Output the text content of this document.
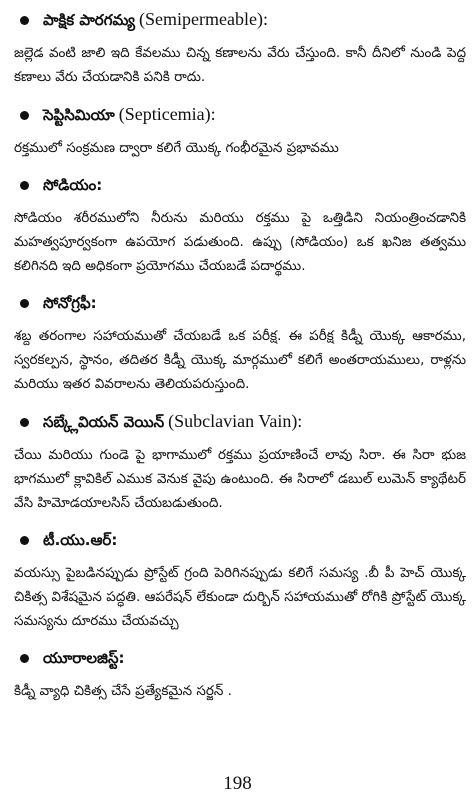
పాక్షిక పారగమ్య (Semipermeable):

జల్లెడ వంటి జాలి ఇది కేవలము చిన్న కణాలను వేరు చేస్తుంది. కానీ దీనిలో నుండి పెద్ద కణాలు వేరు చేయడానికి పనికి రాదు.

సెప్టిసిమియా (Septicemia):

రక్తములో సంక్రమణ ద్వారా కలిగే యొక్క గంభీరమైన ప్రభావము

సోడియం:

సోడియం శరీరములోని నీరును మరియు రక్తము పై ఒత్తిడిని నియంత్రించడానికి మహత్వపూర్వకంగా ఉపయోగ పడుతుంది. ఉప్పు (సోడియం) ఒక ఖనిజ తత్వము కలిగినది ఇది అధికంగా ప్రయోగము చేయబడే పదార్థము.

సోనోగ్రఫీ:

శబ్ద తరంగాల సహాయముతో చేయబడే ఒక పరీక్ష. ఈ పరీక్ష కిడ్నీ యొక్క ఆకారము, స్వరకల్పన, స్థానం, తదితర కిడ్నీ యొక్క మార్గములో కలిగే అంతరాయములు, రాళ్లను మరియు ఇతర వివరాలను తెలియపరుస్తుంది.

సబ్క్లేవియన్ వెయిన్ (Subclavian Vain):

చేయి మరియు గుండె పై భాగాములో రక్తము ప్రయాణించే లావు సిరా. ఈ సిరా భుజ భాగములో క్లావికిల్ ఎముక వెనుక వైపు ఉంటుంది. ఈ సిరాలో డబుల్ లుమెన్ క్యాథేటర్ వేసి హిమోడయాలసిస్ చేయబడుతుంది.

టీ.యు.ఆర్:

వయస్సు పైబడినప్పుడు ప్రోస్టేట్ గ్రంది పెరిగినప్పుడు కలిగే సమస్య .బీ పీ హెచ్ యొక్క చికిత్స విశేషమైన పద్ధతి. ఆపరేషన్ లేకుండా దుర్బిన్ సహాయముతో రోగికి ప్రోస్టేట్ యొక్క సమస్యను దూరము చేయవచ్చు

యూరాలజిస్ట్:

కిడ్నీ వ్యాధి చికిత్స చేసే ప్రత్యేకమైన సర్జన్ .

198
